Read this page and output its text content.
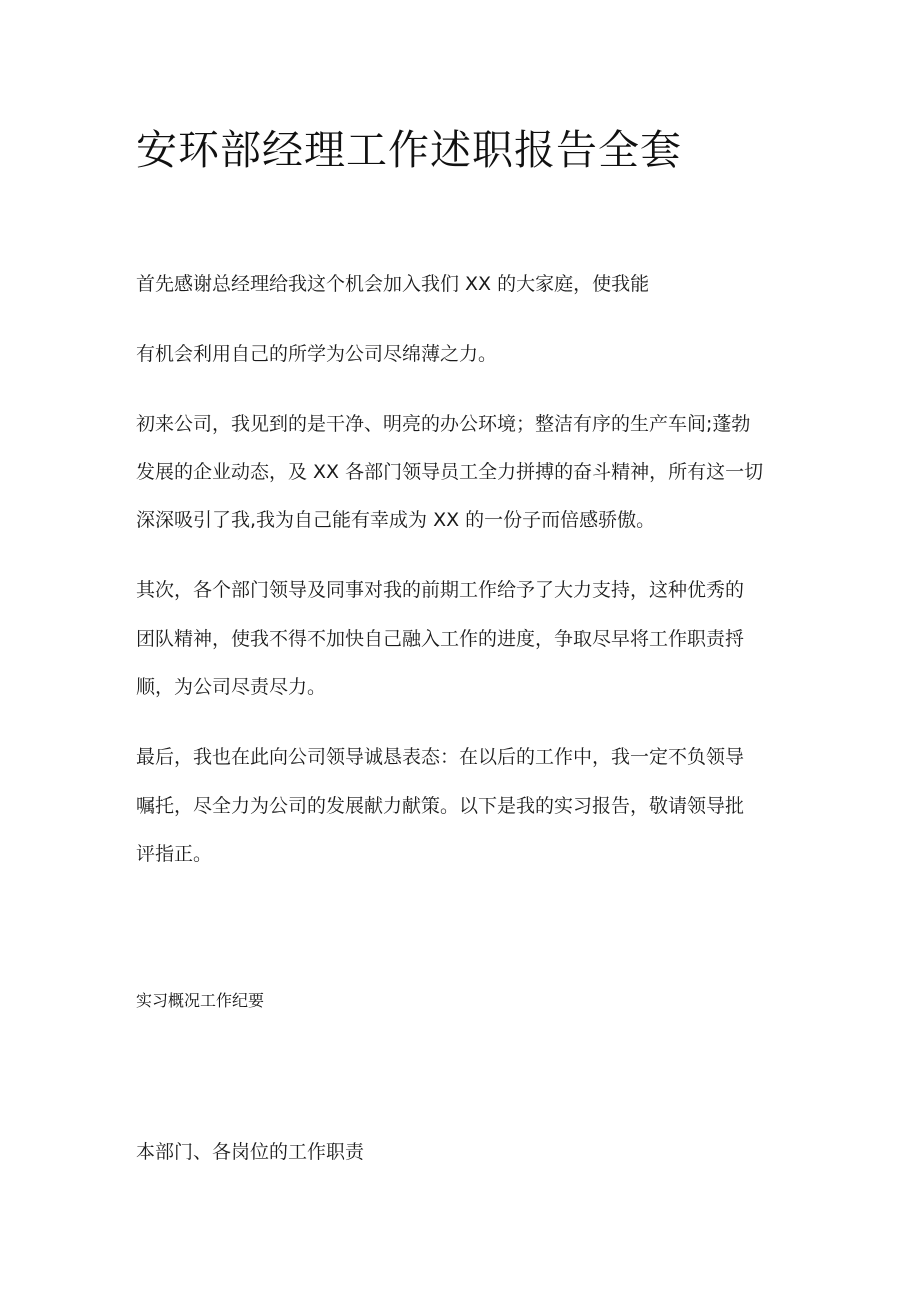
安环部经理工作述职报告全套

首先感谢总经理给我这个机会加入我们 XX 的大家庭，使我能

有机会利用自己的所学为公司尽绵薄之力。

初来公司，我见到的是干净、明亮的办公环境；整洁有序的生产车间;蓬勃

发展的企业动态，及 XX 各部门领导员工全力拼搏的奋斗精神，所有这一切

深深吸引了我,我为自己能有幸成为 XX 的一份子而倍感骄傲。

其次，各个部门领导及同事对我的前期工作给予了大力支持，这种优秀的

团队精神，使我不得不加快自己融入工作的进度，争取尽早将工作职责捋

顺，为公司尽责尽力。

最后，我也在此向公司领导诚恳表态：在以后的工作中，我一定不负领导

嘱托，尽全力为公司的发展献力献策。以下是我的实习报告，敬请领导批

评指正。

实习概况工作纪要

本部门、各岗位的工作职责
